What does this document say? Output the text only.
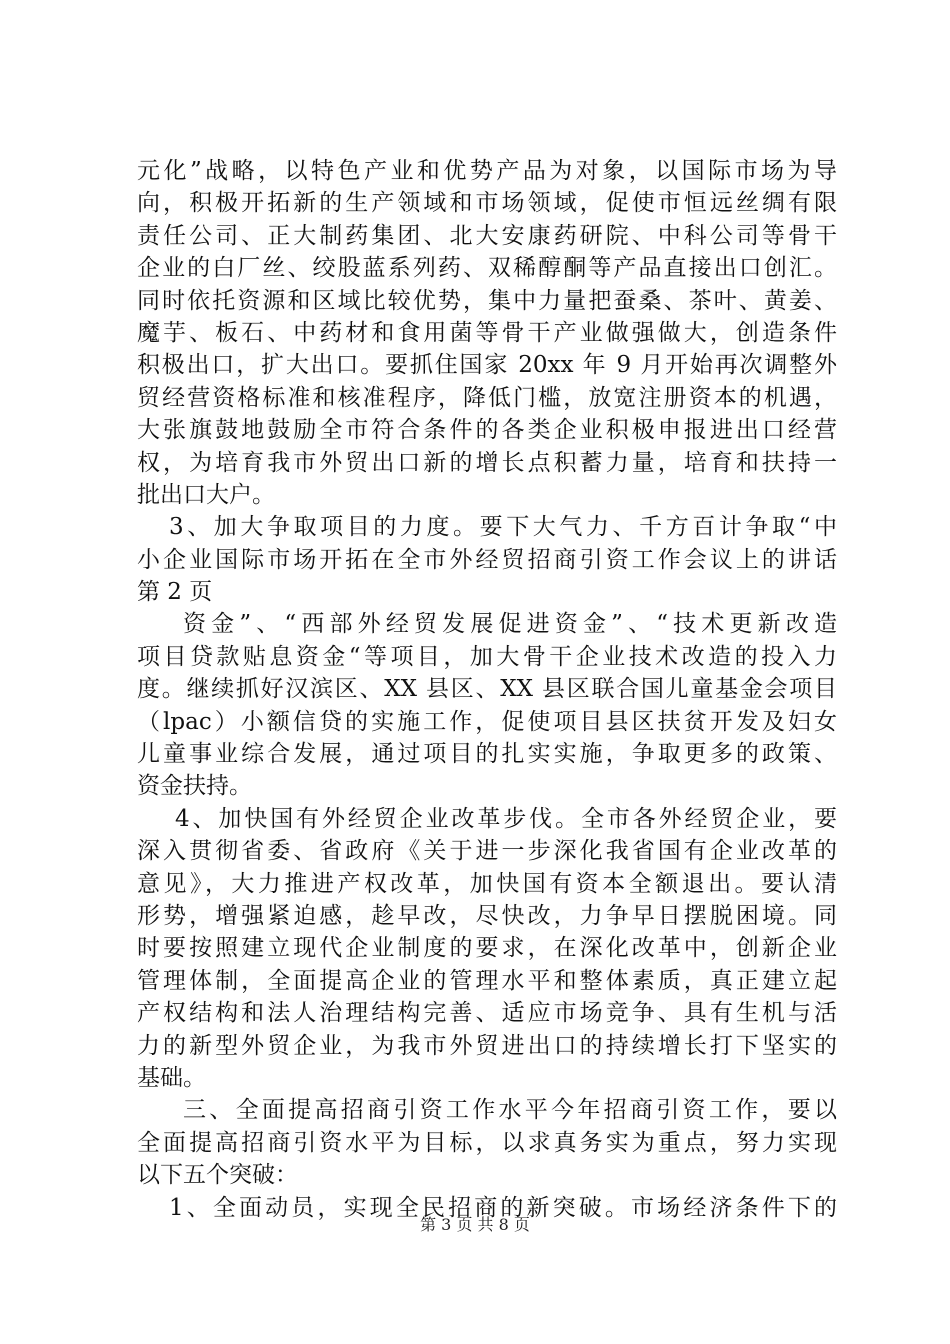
元化”战略，以特色产业和优势产品为对象，以国际市场为导
向，积极开拓新的生产领域和市场领域，促使市恒远丝绸有限
责任公司、正大制药集团、北大安康药研院、中科公司等骨干
企业的白厂丝、绞股蓝系列药、双稀醇酮等产品直接出口创汇。
同时依托资源和区域比较优势，集中力量把蚕桑、茶叶、黄姜、
魔芋、板石、中药材和食用菌等骨干产业做强做大，创造条件
积极出口，扩大出口。要抓住国家 20xx 年 9 月开始再次调整外
贸经营资格标准和核准程序，降低门槛，放宽注册资本的机遇，
大张旗鼓地鼓励全市符合条件的各类企业积极申报进出口经营
权，为培育我市外贸出口新的增长点积蓄力量，培育和扶持一
批出口大户。
3、加大争取项目的力度。要下大气力、千方百计争取“中
小企业国际市场开拓在全市外经贸招商引资工作会议上的讲话
第 2 页
资金”、“西部外经贸发展促进资金”、“技术更新改造
项目贷款贴息资金“等项目，加大骨干企业技术改造的投入力
度。继续抓好汉滨区、XX 县区、XX 县区联合国儿童基金会项目
（lpac）小额信贷的实施工作，促使项目县区扶贫开发及妇女
儿童事业综合发展，通过项目的扎实实施，争取更多的政策、
资金扶持。
4、加快国有外经贸企业改革步伐。全市各外经贸企业，要
深入贯彻省委、省政府《关于进一步深化我省国有企业改革的
意见》，大力推进产权改革，加快国有资本全额退出。要认清
形势，增强紧迫感，趁早改，尽快改，力争早日摆脱困境。同
时要按照建立现代企业制度的要求，在深化改革中，创新企业
管理体制，全面提高企业的管理水平和整体素质，真正建立起
产权结构和法人治理结构完善、适应市场竞争、具有生机与活
力的新型外贸企业，为我市外贸进出口的持续增长打下坚实的
基础。
三、全面提高招商引资工作水平今年招商引资工作，要以
全面提高招商引资水平为目标，以求真务实为重点，努力实现
以下五个突破：
1、全面动员，实现全民招商的新突破。市场经济条件下的
第 3 页 共 8 页
